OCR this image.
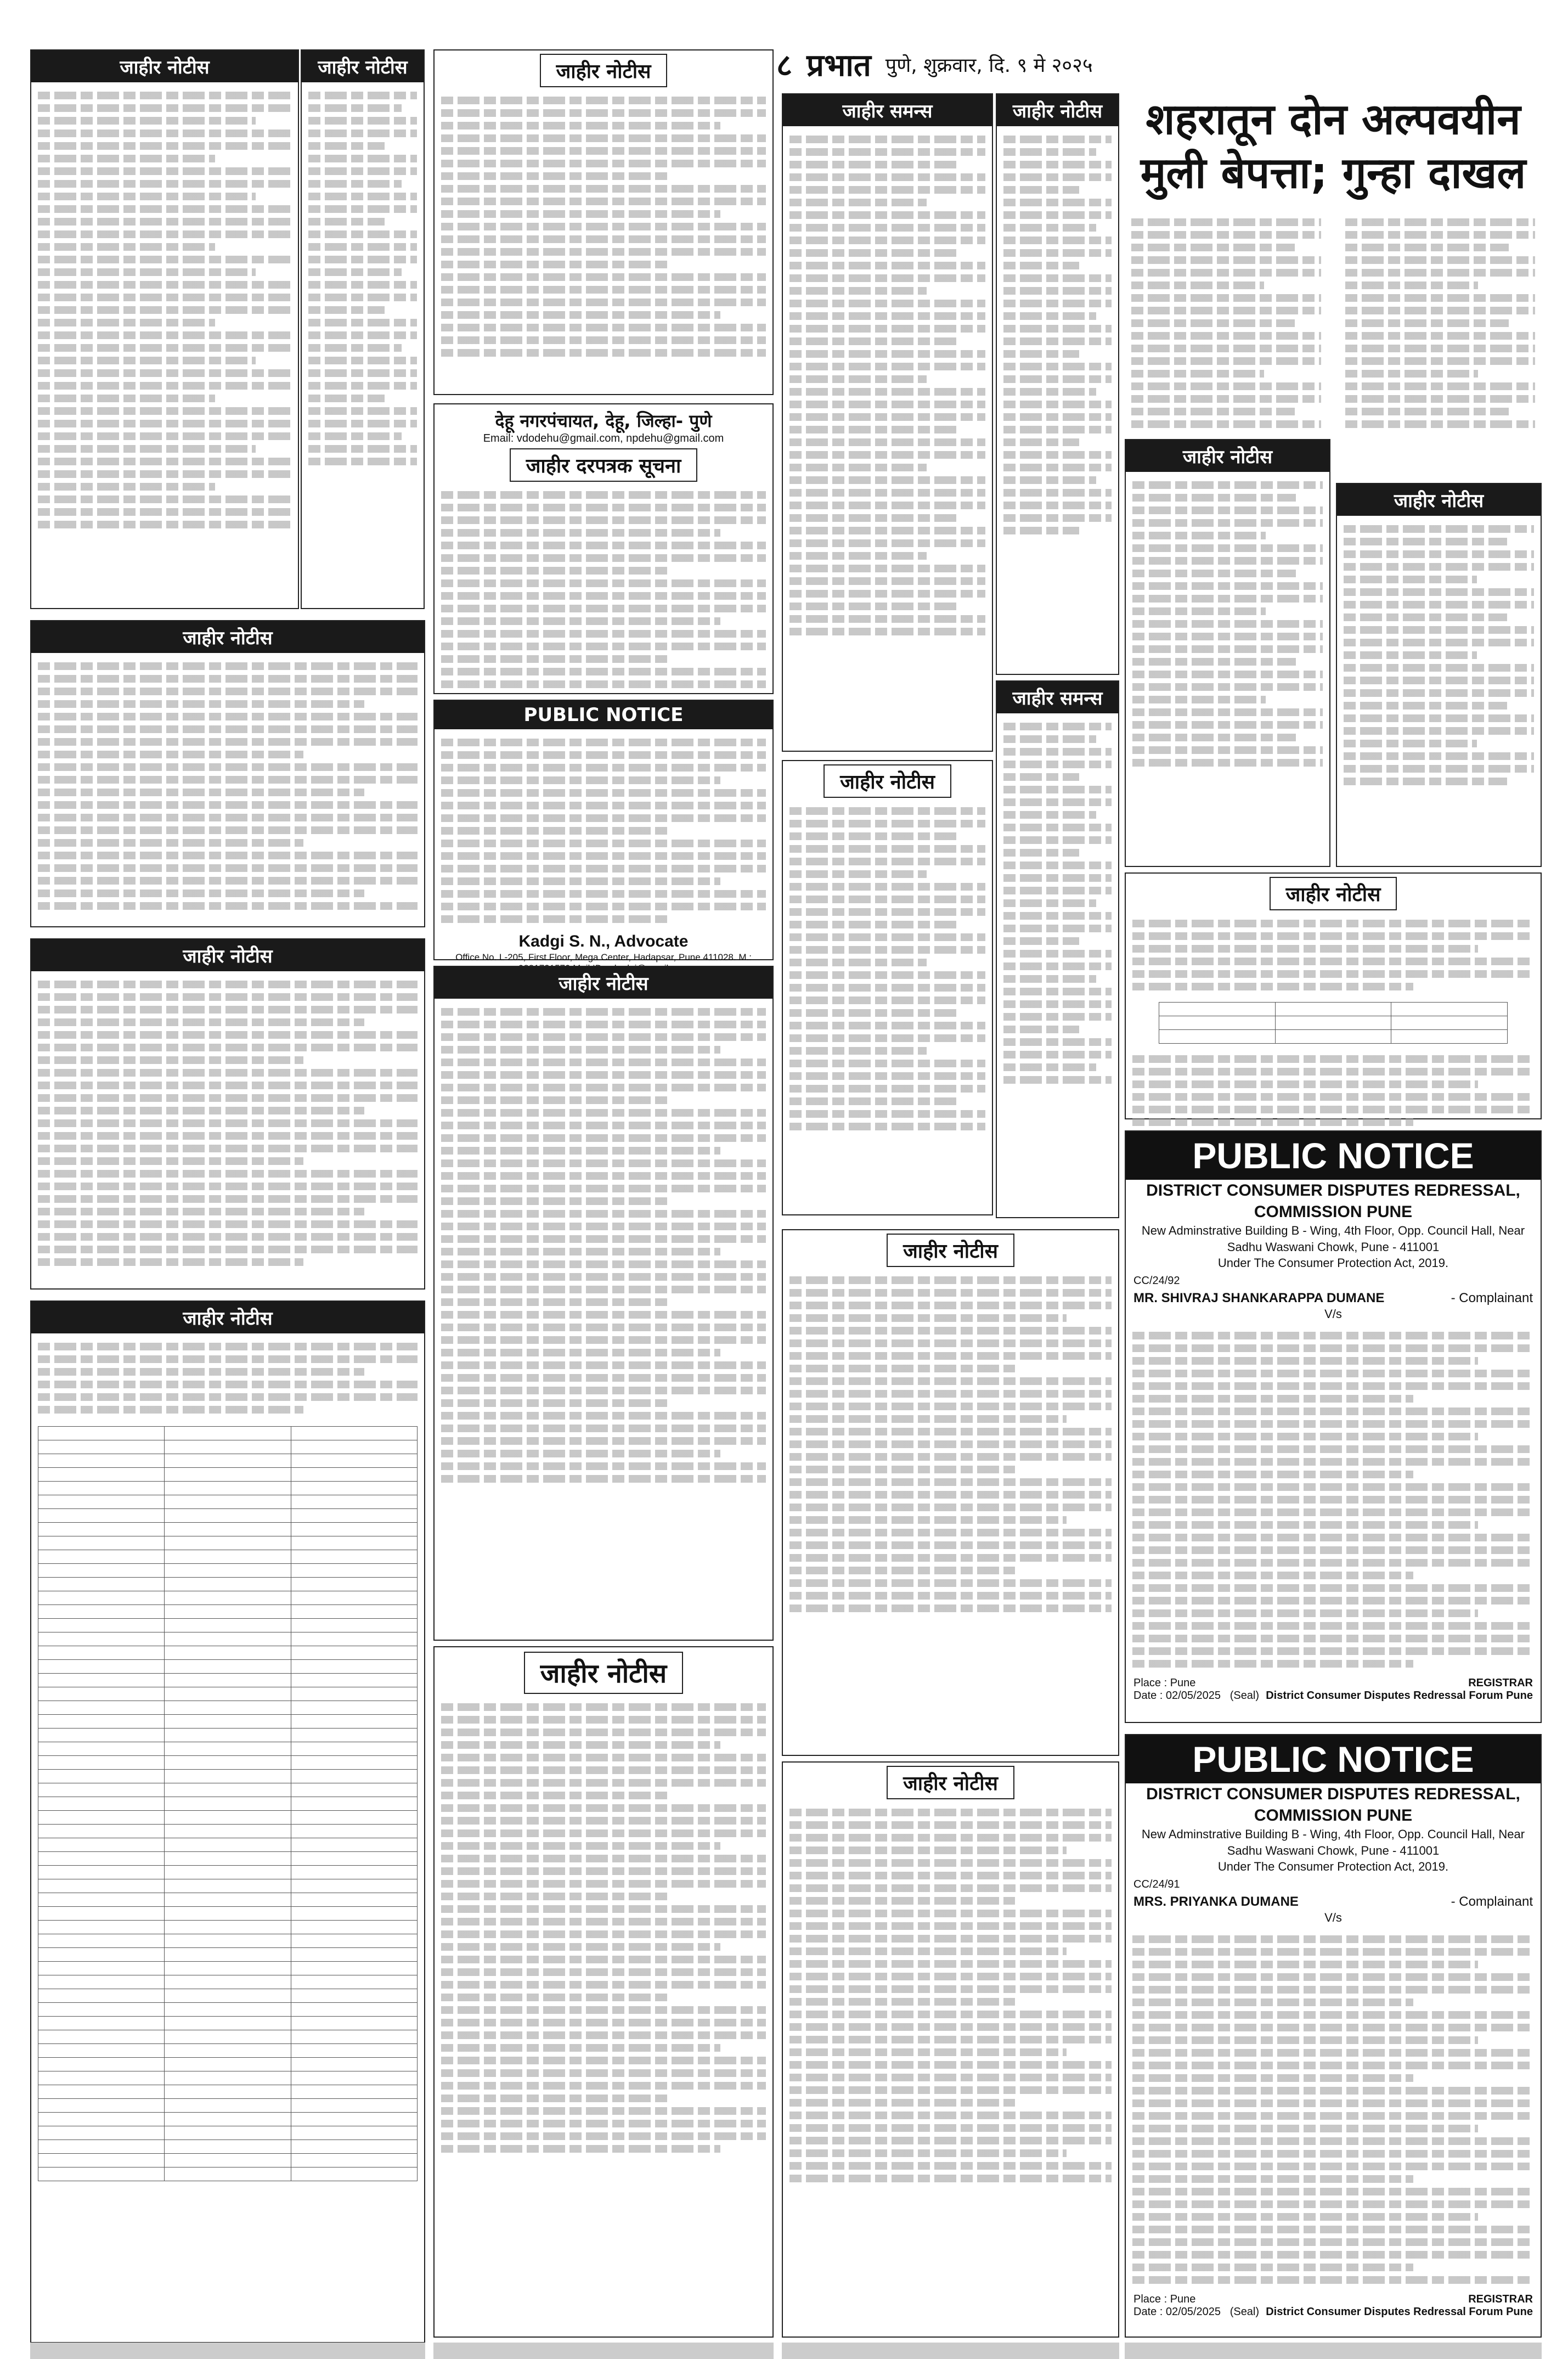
८ प्रभात पुणे, शुक्रवार, दि. ९ मे २०२५
जाहीर नोटीस	जाहीर नोटीस
जाहीर नोटीस
जाहीर नोटीस
जाहीर नोटीस

जाहीर नोटीस
देहू नगरपंचायत, देहू, जिल्हा- पुणे
Email: vdodehu@gmail.com, npdehu@gmail.com
जाहीर दरपत्रक सूचना
PUBLIC NOTICE
Kadgi S. N., Advocate
Office No. L-205, First Floor, Mega Center, Hadapsar, Pune 411028. M.:
जाहीर नोटीस
जाहीर नोटीस
जाहीर समन्स
जाहीर नोटीस
जाहीर नोटीस
जाहीर समन्स
जाहीर नोटीस
जाहीर नोटीस
शहरातून दोन अल्पवयीन मुली बेपत्ता; गुन्हा दाखल
जाहीर नोटीस
जाहीर नोटीस
जाहीर नोटीस

PUBLIC NOTICE
DISTRICT CONSUMER DISPUTES REDRESSAL, COMMISSION PUNE
New Adminstrative Building B - Wing, 4th Floor, Opp. Council Hall, Near Sadhu Waswani Chowk, Pune - 411001
Under The Consumer Protection Act, 2019.
CC/24/92
MR. SHIVRAJ SHANKARAPPA DUMANE	- Complainant
V/s
Place : Pune	REGISTRAR
Date : 02/05/2025 (Seal) District Consumer Disputes Redressal Forum Pune
PUBLIC NOTICE
DISTRICT CONSUMER DISPUTES REDRESSAL, COMMISSION PUNE
New Adminstrative Building B - Wing, 4th Floor, Opp. Council Hall, Near Sadhu Waswani Chowk, Pune - 411001
Under The Consumer Protection Act, 2019.
CC/24/91
MRS. PRIYANKA DUMANE	- Complainant
V/s
Place : Pune	REGISTRAR
Date : 02/05/2025 (Seal) District Consumer Disputes Redressal Forum Pune
